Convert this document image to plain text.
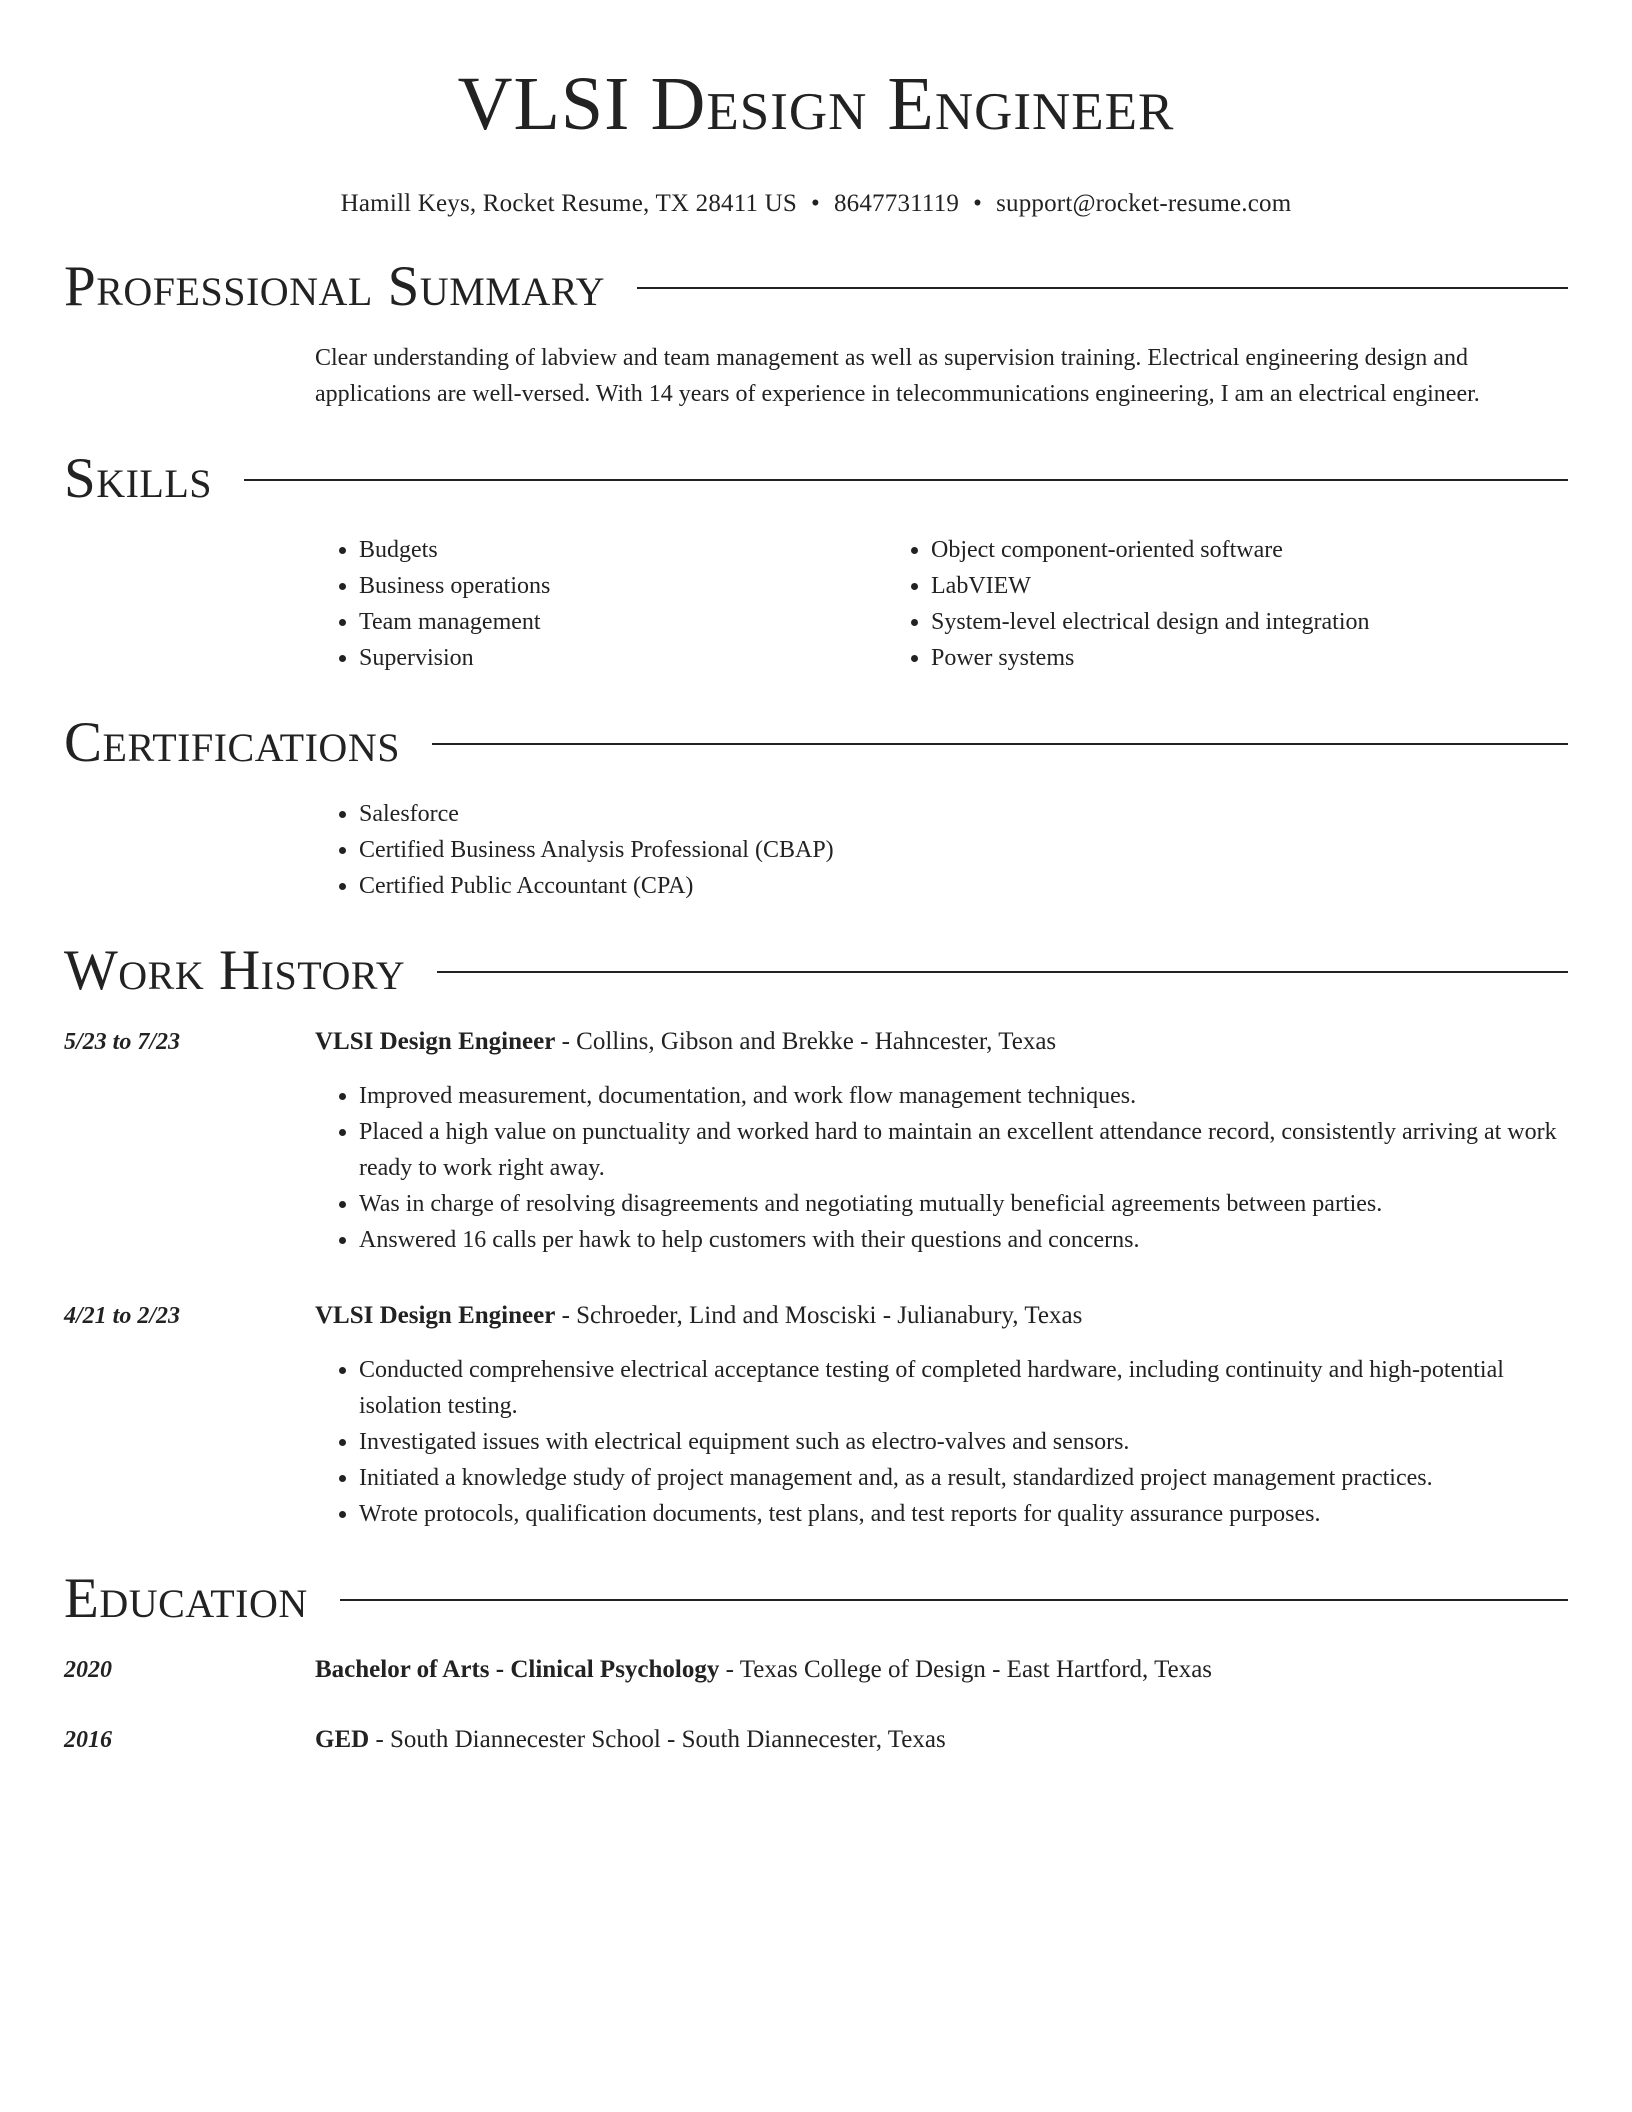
VLSI Design Engineer
Hamill Keys, Rocket Resume, TX 28411 US • 8647731119 • support@rocket-resume.com
Professional Summary
Clear understanding of labview and team management as well as supervision training. Electrical engineering design and applications are well-versed. With 14 years of experience in telecommunications engineering, I am an electrical engineer.
Skills
• Budgets
• Business operations
• Team management
• Supervision
• Object component-oriented software
• LabVIEW
• System-level electrical design and integration
• Power systems
Certifications
• Salesforce
• Certified Business Analysis Professional (CBAP)
• Certified Public Accountant (CPA)
Work History
5/23 to 7/23	VLSI Design Engineer - Collins, Gibson and Brekke - Hahncester, Texas
• Improved measurement, documentation, and work flow management techniques.
• Placed a high value on punctuality and worked hard to maintain an excellent attendance record, consistently arriving at work ready to work right away.
• Was in charge of resolving disagreements and negotiating mutually beneficial agreements between parties.
• Answered 16 calls per hawk to help customers with their questions and concerns.
4/21 to 2/23	VLSI Design Engineer - Schroeder, Lind and Mosciski - Julianabury, Texas
• Conducted comprehensive electrical acceptance testing of completed hardware, including continuity and high-potential isolation testing.
• Investigated issues with electrical equipment such as electro-valves and sensors.
• Initiated a knowledge study of project management and, as a result, standardized project management practices.
• Wrote protocols, qualification documents, test plans, and test reports for quality assurance purposes.
Education
2020	Bachelor of Arts - Clinical Psychology - Texas College of Design - East Hartford, Texas
2016	GED - South Diannecester School - South Diannecester, Texas
